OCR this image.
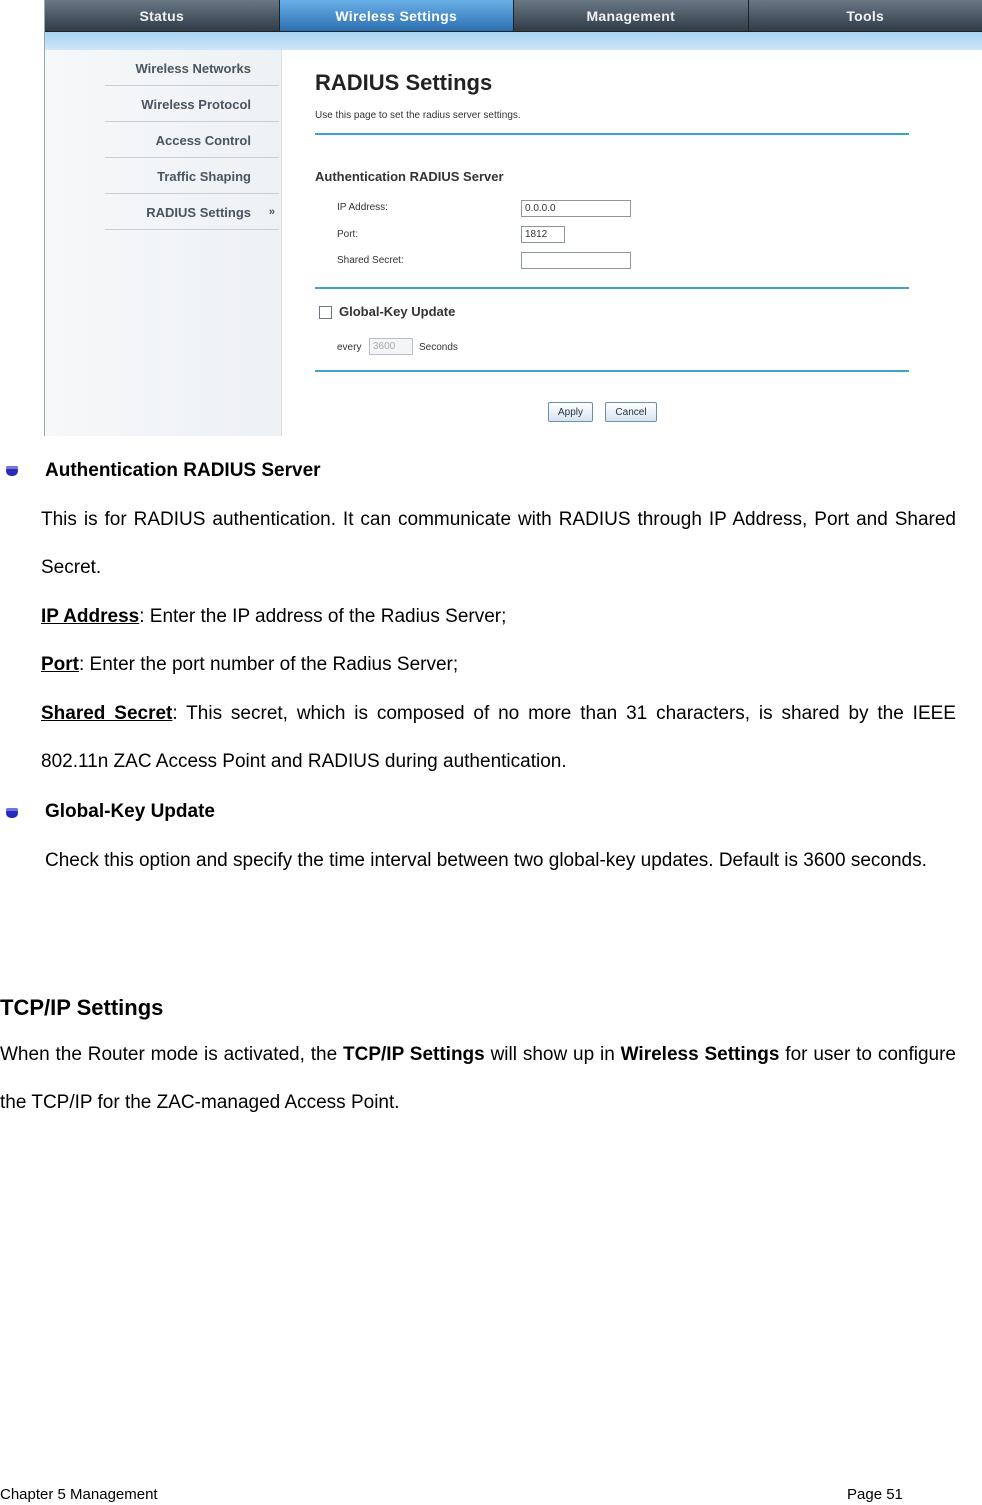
Status	Wireless Settings	Management	Tools
Wireless Networks
Wireless Protocol
Access Control
Traffic Shaping
RADIUS Settings »
RADIUS Settings
Use this page to set the radius server settings.
Authentication RADIUS Server
IP Address:	0.0.0.0
Port:	1812
Shared Secret:
Global-Key Update
every	3600	Seconds
Apply	Cancel
Authentication RADIUS Server
This is for RADIUS authentication. It can communicate with RADIUS through IP Address, Port and Shared Secret.
IP Address: Enter the IP address of the Radius Server;
Port: Enter the port number of the Radius Server;
Shared Secret: This secret, which is composed of no more than 31 characters, is shared by the IEEE 802.11n ZAC Access Point and RADIUS during authentication.
Global-Key Update
Check this option and specify the time interval between two global-key updates. Default is 3600 seconds.
TCP/IP Settings
When the Router mode is activated, the TCP/IP Settings will show up in Wireless Settings for user to configure the TCP/IP for the ZAC-managed Access Point.
Chapter 5 Management	Page 51
